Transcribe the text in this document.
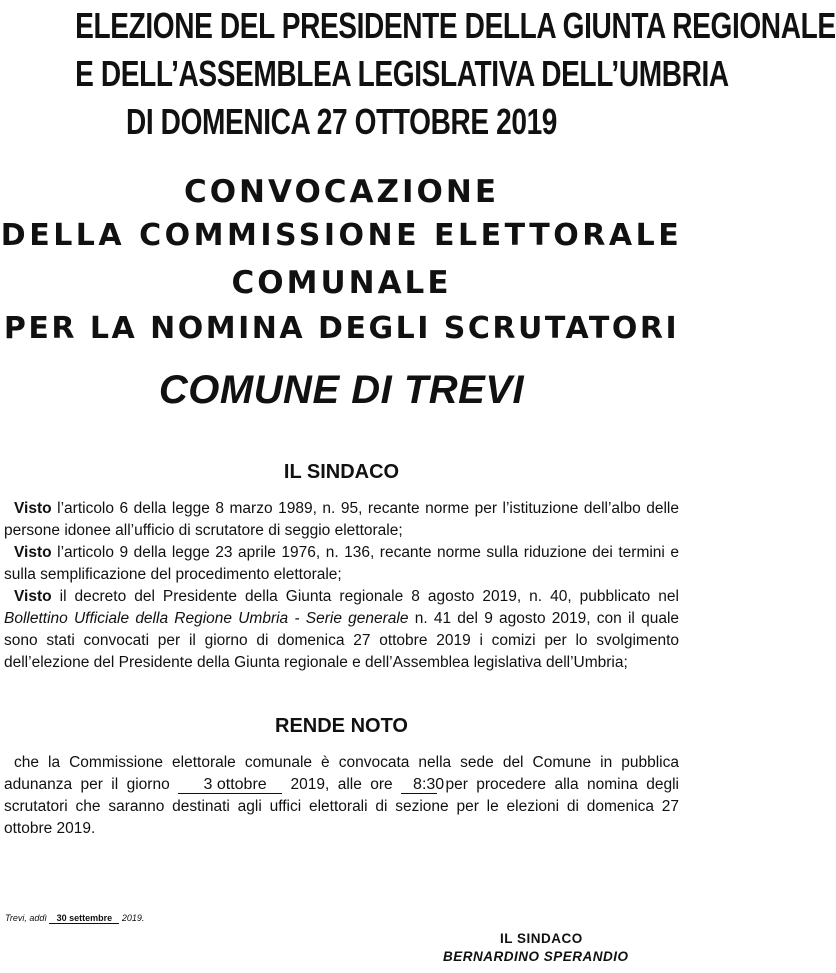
ELEZIONE DEL PRESIDENTE DELLA GIUNTA REGIONALE
E DELL’ASSEMBLEA LEGISLATIVA DELL’UMBRIA
DI DOMENICA 27 OTTOBRE 2019
CONVOCAZIONE
DELLA COMMISSIONE ELETTORALE
COMUNALE
PER LA NOMINA DEGLI SCRUTATORI
COMUNE DI TREVI
IL SINDACO

Visto l’articolo 6 della legge 8 marzo 1989, n. 95, recante norme per l’istituzione dell’albo delle persone idonee all’ufficio di scrutatore di seggio elettorale;

Visto l’articolo 9 della legge 23 aprile 1976, n. 136, recante norme sulla riduzione dei termini e sulla semplificazione del procedimento elettorale;

Visto il decreto del Presidente della Giunta regionale 8 agosto 2019, n. 40, pubblicato nel Bollettino Ufficiale della Regione Umbria - Serie generale n. 41 del 9 agosto 2019, con il quale sono stati convocati per il giorno di domenica 27 ottobre 2019 i comizi per lo svolgimento dell’elezione del Presidente della Giunta regionale e dell’Assemblea legislativa dell’Umbria;

RENDE NOTO

che la Commissione elettorale comunale è convocata nella sede del Comune in pubblica adunanza per il giorno 3 ottobre 2019, alle ore 8:30 per procedere alla nomina degli scrutatori che saranno destinati agli uffici elettorali di sezione per le elezioni di domenica 27 ottobre 2019.

Trevi, addì 30 settembre 2019.
IL SINDACO
BERNARDINO SPERANDIO
